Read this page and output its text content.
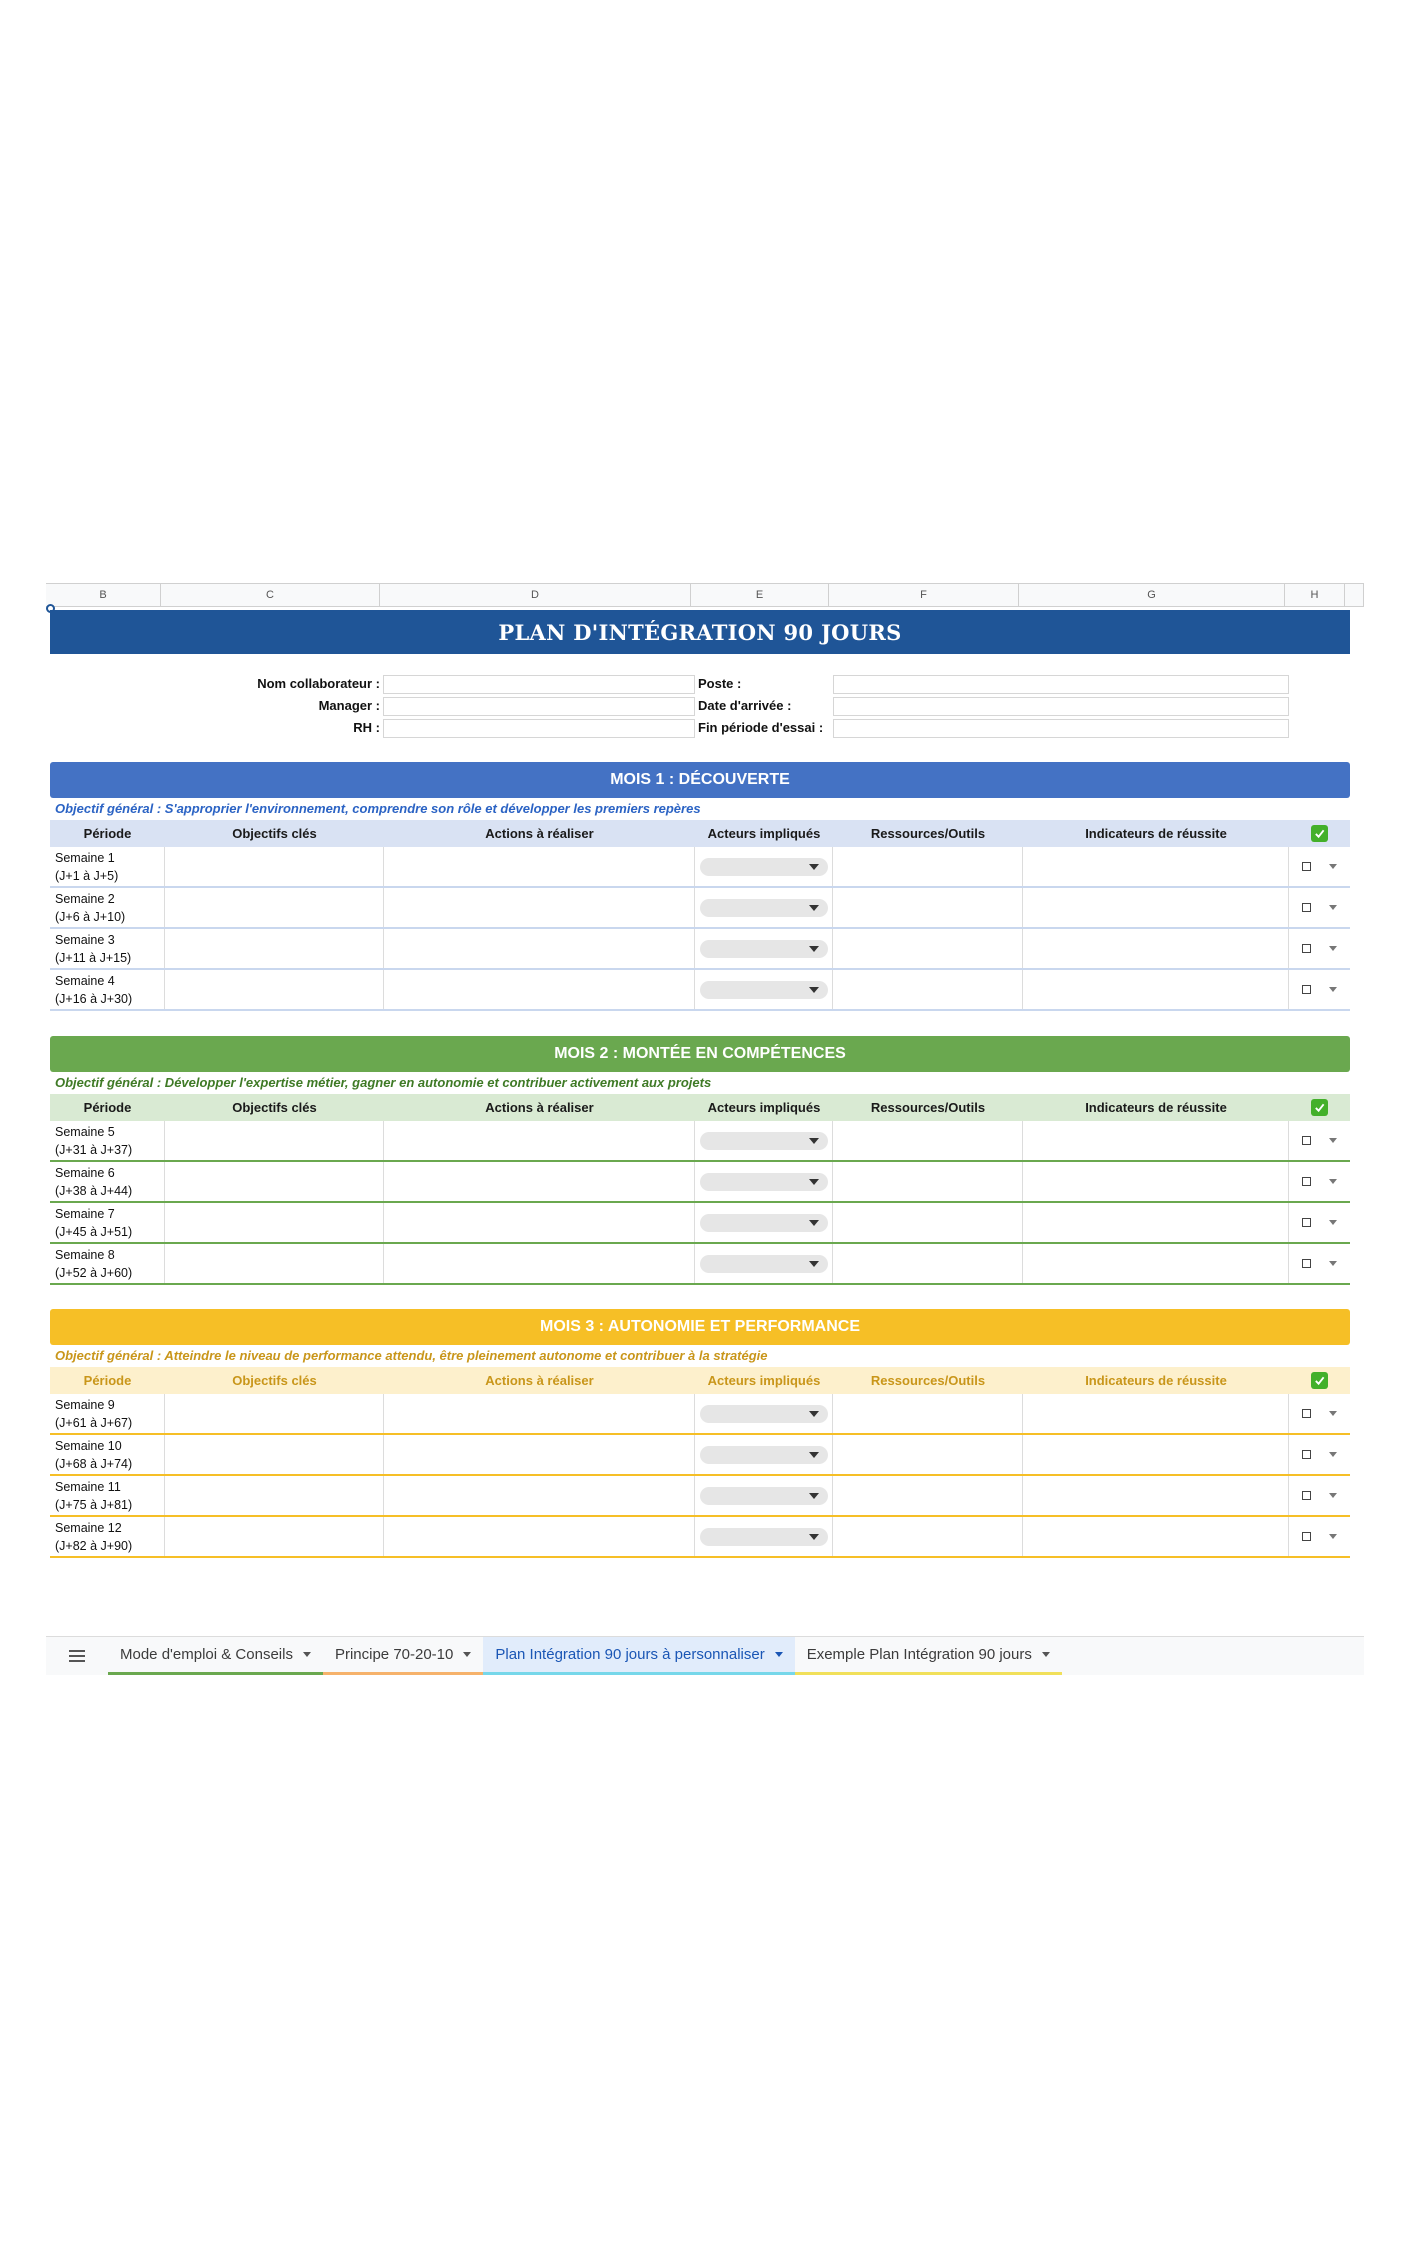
B	C	D	E	F	G	H
PLAN D'INTÉGRATION 90 JOURS
Nom collaborateur :
Manager :
RH :
Poste :
Date d'arrivée :
Fin période d'essai :
MOIS 1 : DÉCOUVERTE
Objectif général : S'approprier l'environnement, comprendre son rôle et développer les premiers repères
Période	Objectifs clés	Actions à réaliser	Acteurs impliqués	Ressources/Outils	Indicateurs de réussite
Semaine 1
(J+1 à J+5)
Semaine 2
(J+6 à J+10)
Semaine 3
(J+11 à J+15)
Semaine 4
(J+16 à J+30)
MOIS 2 : MONTÉE EN COMPÉTENCES
Objectif général : Développer l'expertise métier, gagner en autonomie et contribuer activement aux projets
Période	Objectifs clés	Actions à réaliser	Acteurs impliqués	Ressources/Outils	Indicateurs de réussite
Semaine 5
(J+31 à J+37)
Semaine 6
(J+38 à J+44)
Semaine 7
(J+45 à J+51)
Semaine 8
(J+52 à J+60)
MOIS 3 : AUTONOMIE ET PERFORMANCE
Objectif général : Atteindre le niveau de performance attendu, être pleinement autonome et contribuer à la stratégie
Période	Objectifs clés	Actions à réaliser	Acteurs impliqués	Ressources/Outils	Indicateurs de réussite
Semaine 9
(J+61 à J+67)
Semaine 10
(J+68 à J+74)
Semaine 11
(J+75 à J+81)
Semaine 12
(J+82 à J+90)
Mode d'emploi & Conseils	Principe 70-20-10	Plan Intégration 90 jours à personnaliser	Exemple Plan Intégration 90 jours
